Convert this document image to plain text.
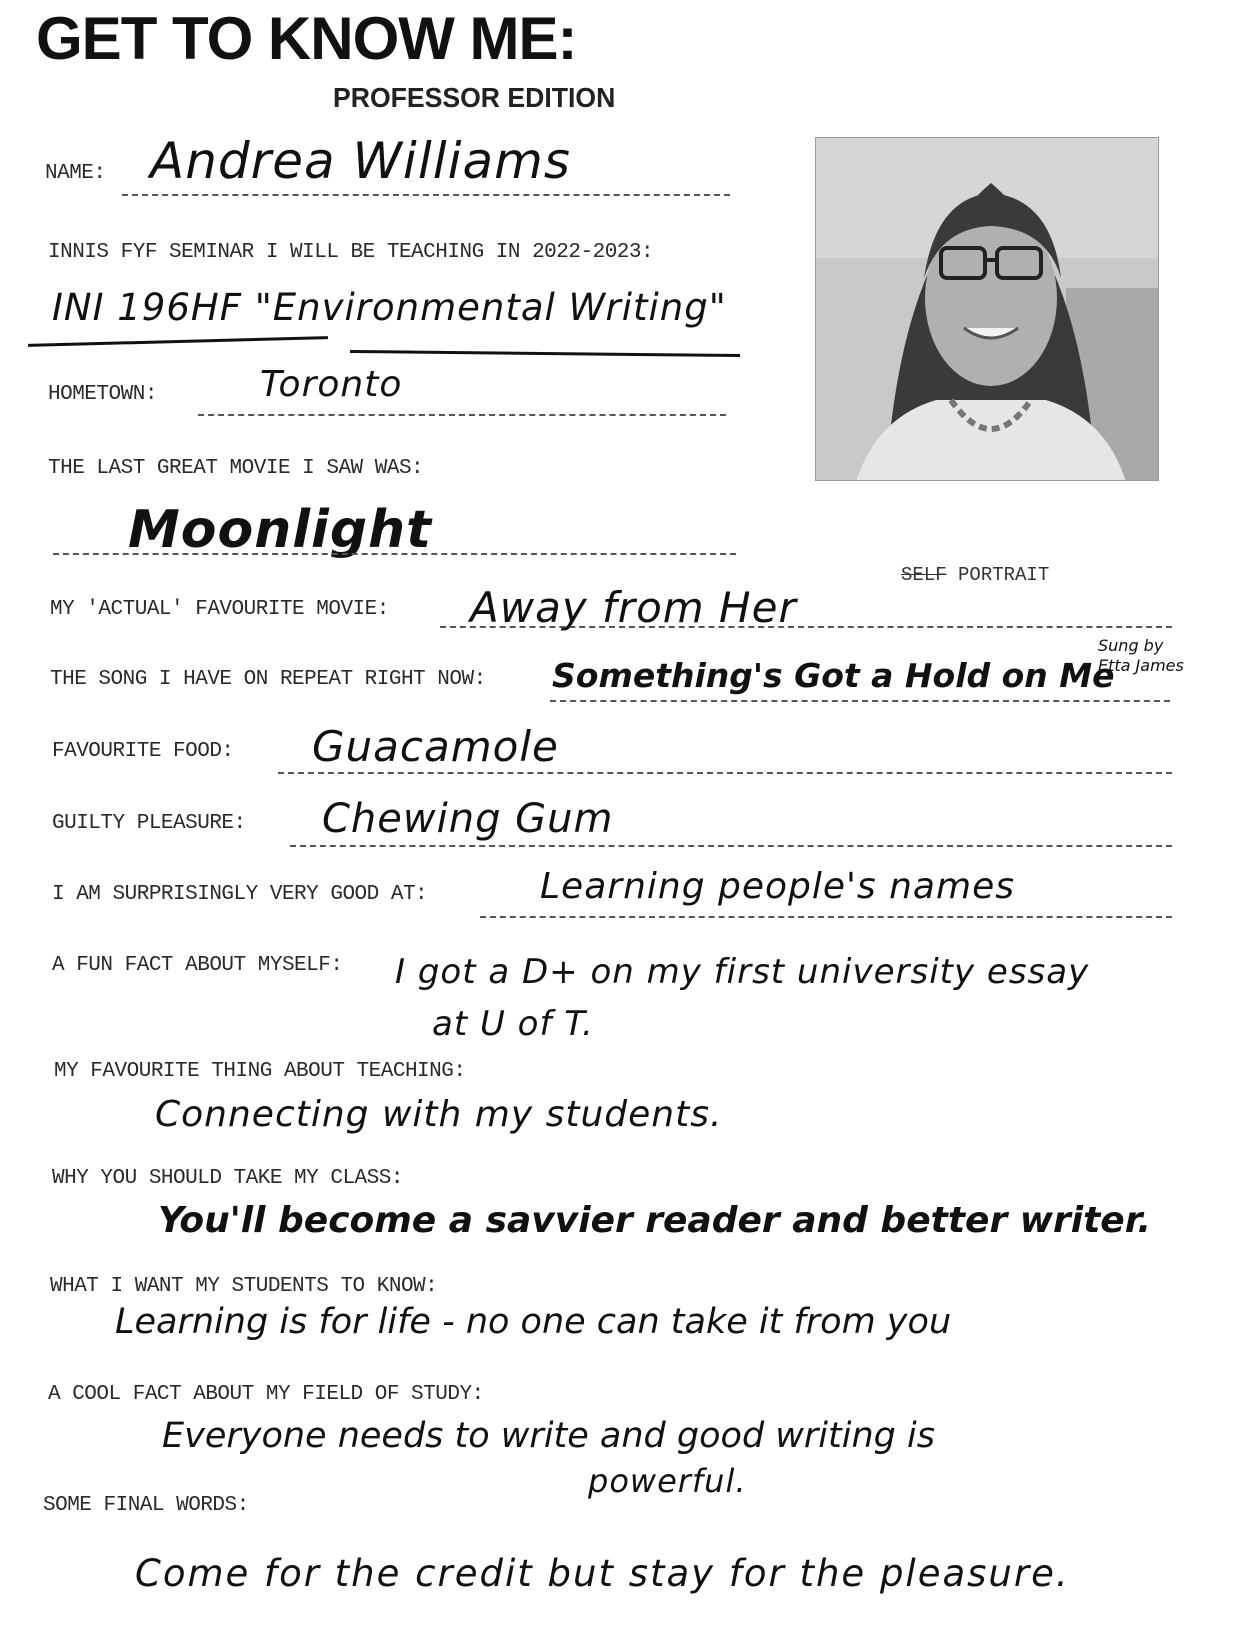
GET TO KNOW ME:
PROFESSOR EDITION
SELF PORTRAIT
NAME: Andrea Williams
INNIS FYF SEMINAR I WILL BE TEACHING IN 2022-2023:
INI 196HF "Environmental Writing"
HOMETOWN:	Toronto
THE LAST GREAT MOVIE I SAW WAS:
Moonlight
MY 'ACTUAL' FAVOURITE MOVIE: Away from Her
THE SONG I HAVE ON REPEAT RIGHT NOW: Something's Got a Hold on Me
Sung by Etta James
FAVOURITE FOOD: Guacamole
GUILTY PLEASURE: Chewing Gum
I AM SURPRISINGLY VERY GOOD AT:	Learning people's names
A FUN FACT ABOUT MYSELF: I got a D+ on my first university essay
at U of T.
MY FAVOURITE THING ABOUT TEACHING:
Connecting with my students.
WHY YOU SHOULD TAKE MY CLASS:
You'll become a savvier reader and better writer.
WHAT I WANT MY STUDENTS TO KNOW:
Learning is for life - no one can take it from you
A COOL FACT ABOUT MY FIELD OF STUDY:
Everyone needs to write and good writing is
powerful.
SOME FINAL WORDS:
Come for the credit but stay for the pleasure.
